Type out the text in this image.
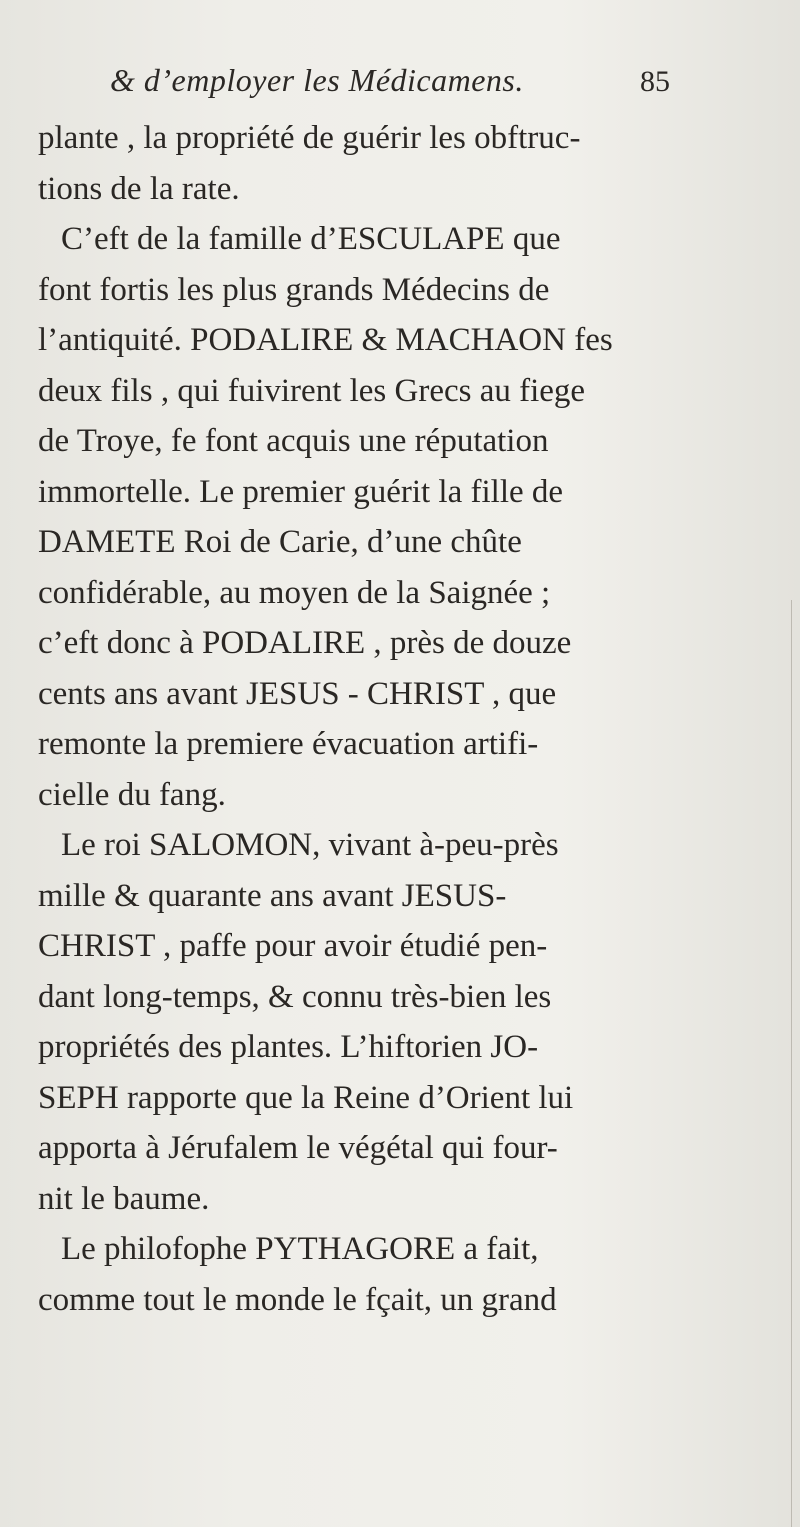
& d’employer les Médicamens.	85
plante , la propriété de guérir les obftruc-
tions de la rate.
C’eft de la famille d’ESCULAPE que
font fortis les plus grands Médecins de
l’antiquité. PODALIRE & MACHAON fes
deux fils , qui fuivirent les Grecs au fiege
de Troye, fe font acquis une réputation
immortelle. Le premier guérit la fille de
DAMETE Roi de Carie, d’une chûte
confidérable, au moyen de la Saignée ;
c’eft donc à PODALIRE , près de douze
cents ans avant JESUS - CHRIST , que
remonte la premiere évacuation artifi-
cielle du fang.
Le roi SALOMON, vivant à-peu-près
mille & quarante ans avant JESUS-
CHRIST , paffe pour avoir étudié pen-
dant long-temps, & connu très-bien les
propriétés des plantes. L’hiftorien JO-
SEPH rapporte que la Reine d’Orient lui
apporta à Jérufalem le végétal qui four-
nit le baume.
Le philofophe PYTHAGORE a fait,
comme tout le monde le fçait, un grand
